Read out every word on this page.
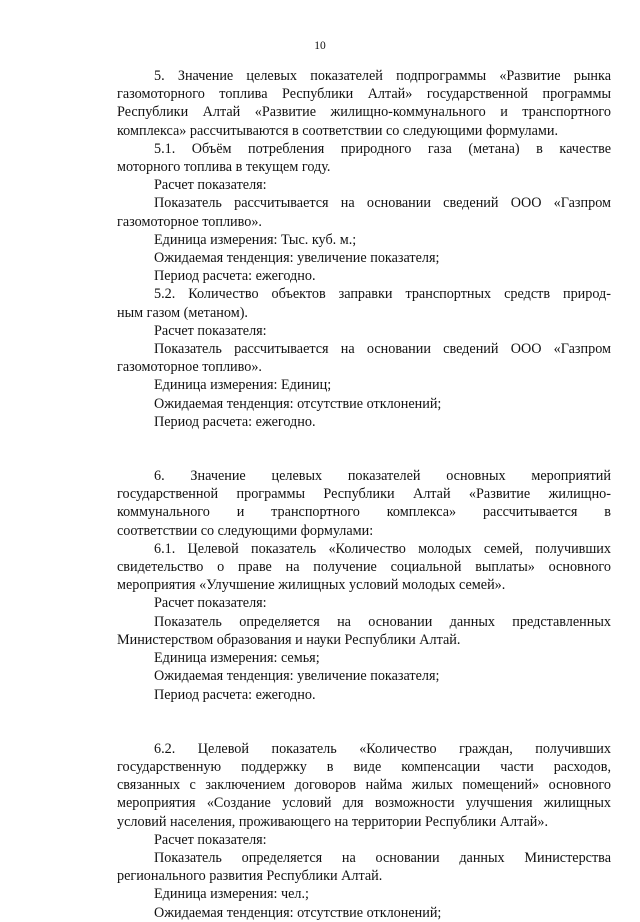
10

5. Значение целевых показателей подпрограммы «Развитие рынка

газомоторного топлива Республики Алтай» государственной программы

Республики Алтай «Развитие жилищно-коммунального и транспортного

комплекса» рассчитываются в соответствии со следующими формулами.

5.1. Объём потребления природного газа (метана) в качестве

моторного топлива в текущем году.

Расчет показателя:

Показатель рассчитывается на основании сведений ООО «Газпром

газомоторное топливо».

Единица измерения: Тыс. куб. м.;

Ожидаемая тенденция: увеличение показателя;

Период расчета: ежегодно.

5.2. Количество объектов заправки транспортных средств природ-

ным газом (метаном).

Расчет показателя:

Показатель рассчитывается на основании сведений ООО «Газпром

газомоторное топливо».

Единица измерения: Единиц;

Ожидаемая тенденция: отсутствие отклонений;

Период расчета: ежегодно.

6. Значение целевых показателей основных мероприятий

государственной программы Республики Алтай «Развитие жилищно-

коммунального и транспортного комплекса» рассчитывается в

соответствии со следующими формулами:

6.1. Целевой показатель «Количество молодых семей, получивших

свидетельство о праве на получение социальной выплаты» основного

мероприятия «Улучшение жилищных условий молодых семей».

Расчет показателя:

Показатель определяется на основании данных представленных

Министерством образования и науки Республики Алтай.

Единица измерения: семья;

Ожидаемая тенденция: увеличение показателя;

Период расчета: ежегодно.

6.2. Целевой показатель «Количество граждан, получивших

государственную поддержку в виде компенсации части расходов,

связанных с заключением договоров найма жилых помещений» основного

мероприятия «Создание условий для возможности улучшения жилищных

условий населения, проживающего на территории Республики Алтай».

Расчет показателя:

Показатель определяется на основании данных Министерства

регионального развития Республики Алтай.

Единица измерения: чел.;

Ожидаемая тенденция: отсутствие отклонений;
